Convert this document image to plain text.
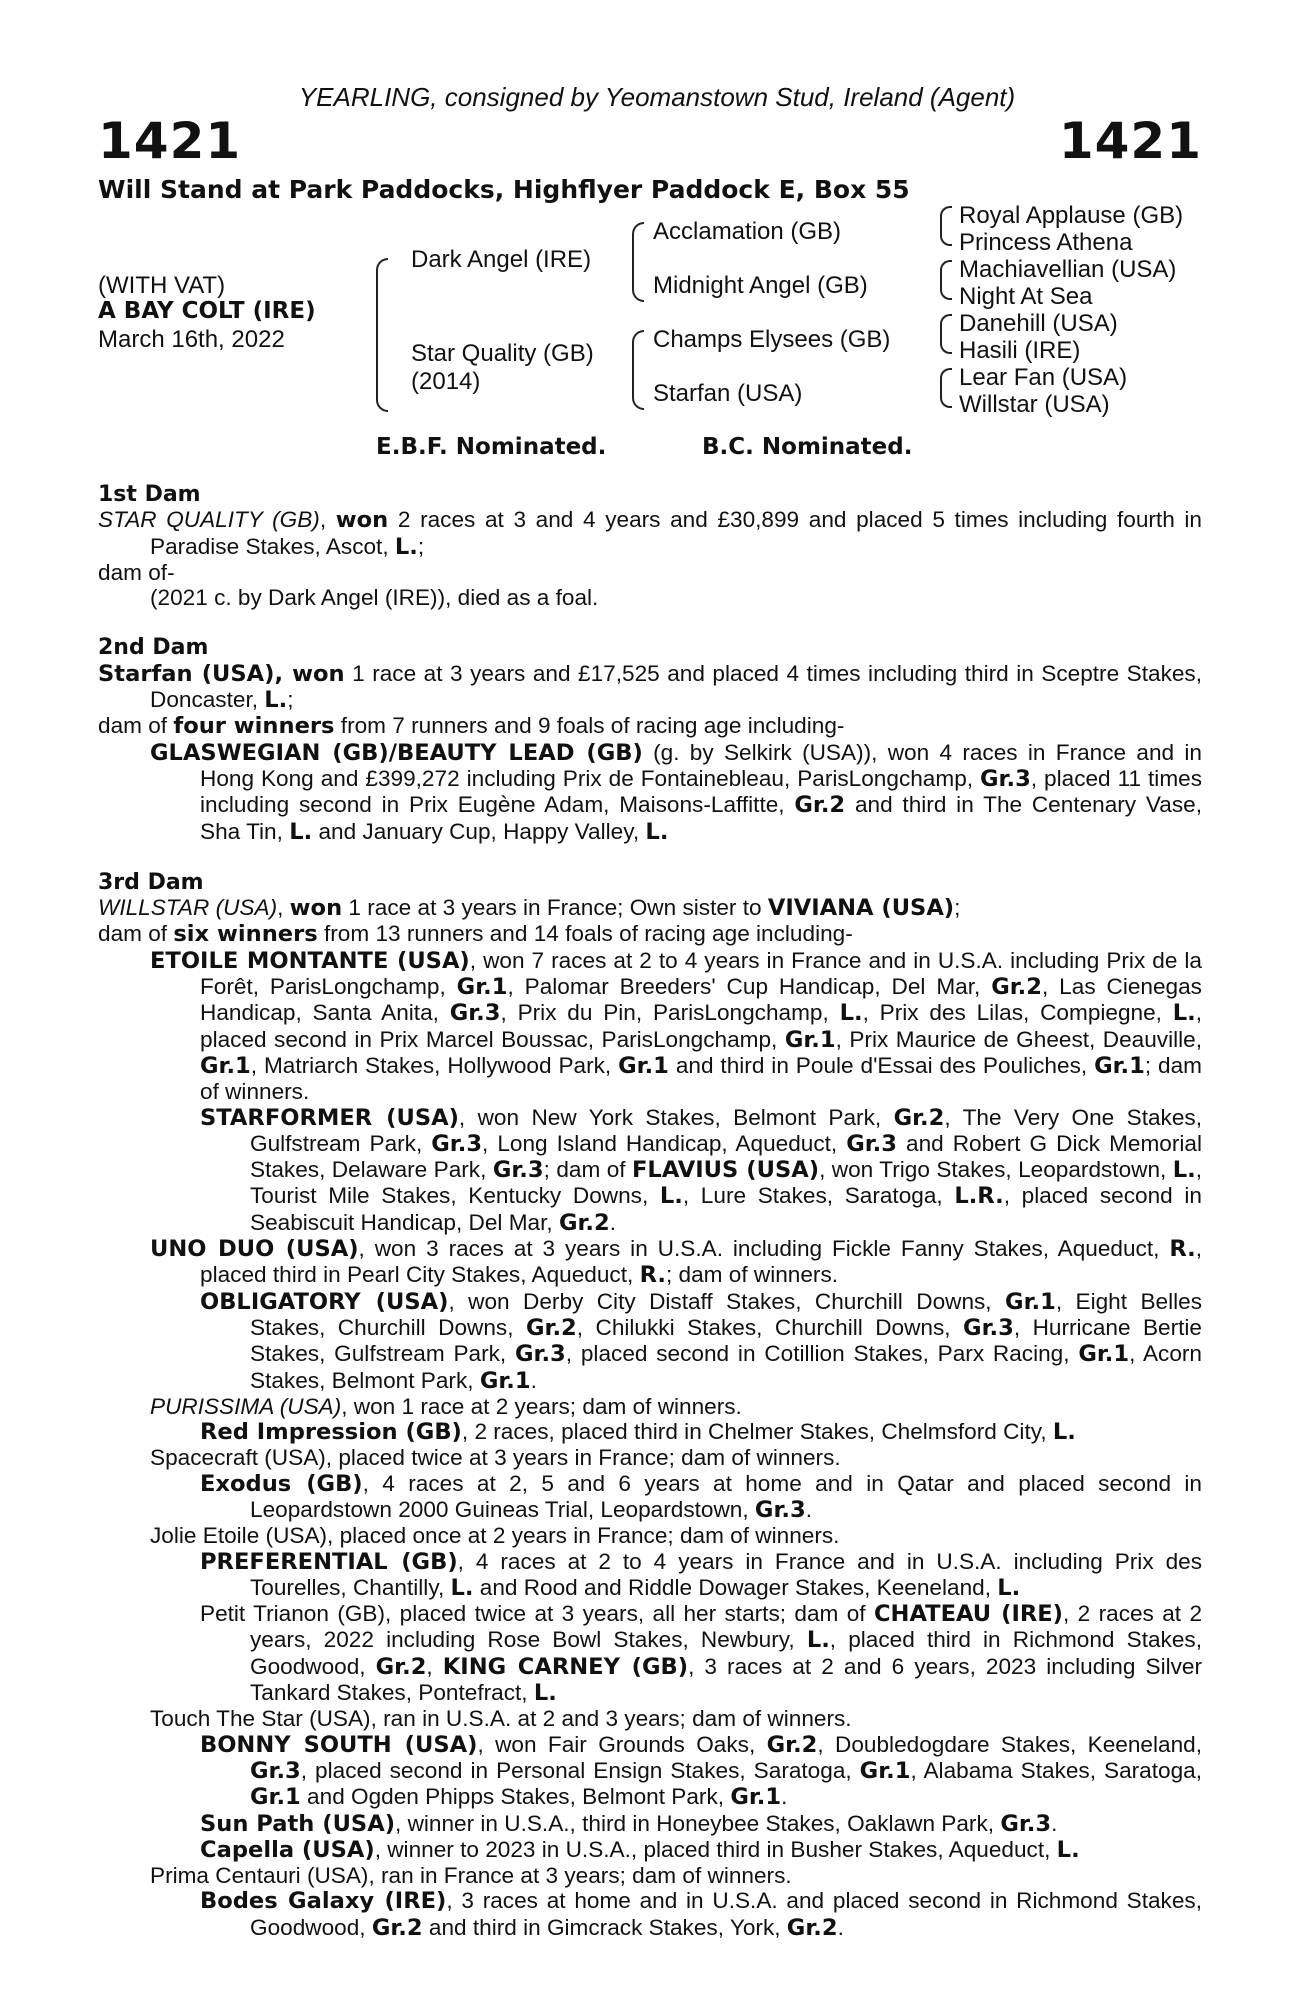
YEARLING, consigned by Yeomanstown Stud, Ireland (Agent)
1421	1421
Will Stand at Park Paddocks, Highflyer Paddock E, Box 55
(WITH VAT)
A BAY COLT (IRE)
March 16th, 2022
Dark Angel (IRE)
Star Quality (GB)
(2014)
Acclamation (GB)
Midnight Angel (GB)
Champs Elysees (GB)
Starfan (USA)
Royal Applause (GB)
Princess Athena
Machiavellian (USA)
Night At Sea
Danehill (USA)
Hasili (IRE)
Lear Fan (USA)
Willstar (USA)
E.B.F. Nominated.	B.C. Nominated.

1st Dam

STAR QUALITY (GB), won 2 races at 3 and 4 years and £30,899 and placed 5 times including fourth in Paradise Stakes, Ascot, L.;

dam of-

(2021 c. by Dark Angel (IRE)), died as a foal.

2nd Dam

Starfan (USA), won 1 race at 3 years and £17,525 and placed 4 times including third in Sceptre Stakes, Doncaster, L.;

dam of four winners from 7 runners and 9 foals of racing age including-

GLASWEGIAN (GB)/BEAUTY LEAD (GB) (g. by Selkirk (USA)), won 4 races in France and in Hong Kong and £399,272 including Prix de Fontainebleau, ParisLongchamp, Gr.3, placed 11 times including second in Prix Eugène Adam, Maisons-Laffitte, Gr.2 and third in The Centenary Vase, Sha Tin, L. and January Cup, Happy Valley, L.

3rd Dam

WILLSTAR (USA), won 1 race at 3 years in France; Own sister to VIVIANA (USA);

dam of six winners from 13 runners and 14 foals of racing age including-

ETOILE MONTANTE (USA), won 7 races at 2 to 4 years in France and in U.S.A. including Prix de la Forêt, ParisLongchamp, Gr.1, Palomar Breeders' Cup Handicap, Del Mar, Gr.2, Las Cienegas Handicap, Santa Anita, Gr.3, Prix du Pin, ParisLongchamp, L., Prix des Lilas, Compiegne, L., placed second in Prix Marcel Boussac, ParisLongchamp, Gr.1, Prix Maurice de Gheest, Deauville, Gr.1, Matriarch Stakes, Hollywood Park, Gr.1 and third in Poule d'Essai des Pouliches, Gr.1; dam of winners.

STARFORMER (USA), won New York Stakes, Belmont Park, Gr.2, The Very One Stakes, Gulfstream Park, Gr.3, Long Island Handicap, Aqueduct, Gr.3 and Robert G Dick Memorial Stakes, Delaware Park, Gr.3; dam of FLAVIUS (USA), won Trigo Stakes, Leopardstown, L., Tourist Mile Stakes, Kentucky Downs, L., Lure Stakes, Saratoga, L.R., placed second in Seabiscuit Handicap, Del Mar, Gr.2.

UNO DUO (USA), won 3 races at 3 years in U.S.A. including Fickle Fanny Stakes, Aqueduct, R., placed third in Pearl City Stakes, Aqueduct, R.; dam of winners.

OBLIGATORY (USA), won Derby City Distaff Stakes, Churchill Downs, Gr.1, Eight Belles Stakes, Churchill Downs, Gr.2, Chilukki Stakes, Churchill Downs, Gr.3, Hurricane Bertie Stakes, Gulfstream Park, Gr.3, placed second in Cotillion Stakes, Parx Racing, Gr.1, Acorn Stakes, Belmont Park, Gr.1.

PURISSIMA (USA), won 1 race at 2 years; dam of winners.

Red Impression (GB), 2 races, placed third in Chelmer Stakes, Chelmsford City, L.

Spacecraft (USA), placed twice at 3 years in France; dam of winners.

Exodus (GB), 4 races at 2, 5 and 6 years at home and in Qatar and placed second in Leopardstown 2000 Guineas Trial, Leopardstown, Gr.3.

Jolie Etoile (USA), placed once at 2 years in France; dam of winners.

PREFERENTIAL (GB), 4 races at 2 to 4 years in France and in U.S.A. including Prix des Tourelles, Chantilly, L. and Rood and Riddle Dowager Stakes, Keeneland, L.

Petit Trianon (GB), placed twice at 3 years, all her starts; dam of CHATEAU (IRE), 2 races at 2 years, 2022 including Rose Bowl Stakes, Newbury, L., placed third in Richmond Stakes, Goodwood, Gr.2, KING CARNEY (GB), 3 races at 2 and 6 years, 2023 including Silver Tankard Stakes, Pontefract, L.

Touch The Star (USA), ran in U.S.A. at 2 and 3 years; dam of winners.

BONNY SOUTH (USA), won Fair Grounds Oaks, Gr.2, Doubledogdare Stakes, Keeneland, Gr.3, placed second in Personal Ensign Stakes, Saratoga, Gr.1, Alabama Stakes, Saratoga, Gr.1 and Ogden Phipps Stakes, Belmont Park, Gr.1.

Sun Path (USA), winner in U.S.A., third in Honeybee Stakes, Oaklawn Park, Gr.3.

Capella (USA), winner to 2023 in U.S.A., placed third in Busher Stakes, Aqueduct, L.

Prima Centauri (USA), ran in France at 3 years; dam of winners.

Bodes Galaxy (IRE), 3 races at home and in U.S.A. and placed second in Richmond Stakes, Goodwood, Gr.2 and third in Gimcrack Stakes, York, Gr.2.
